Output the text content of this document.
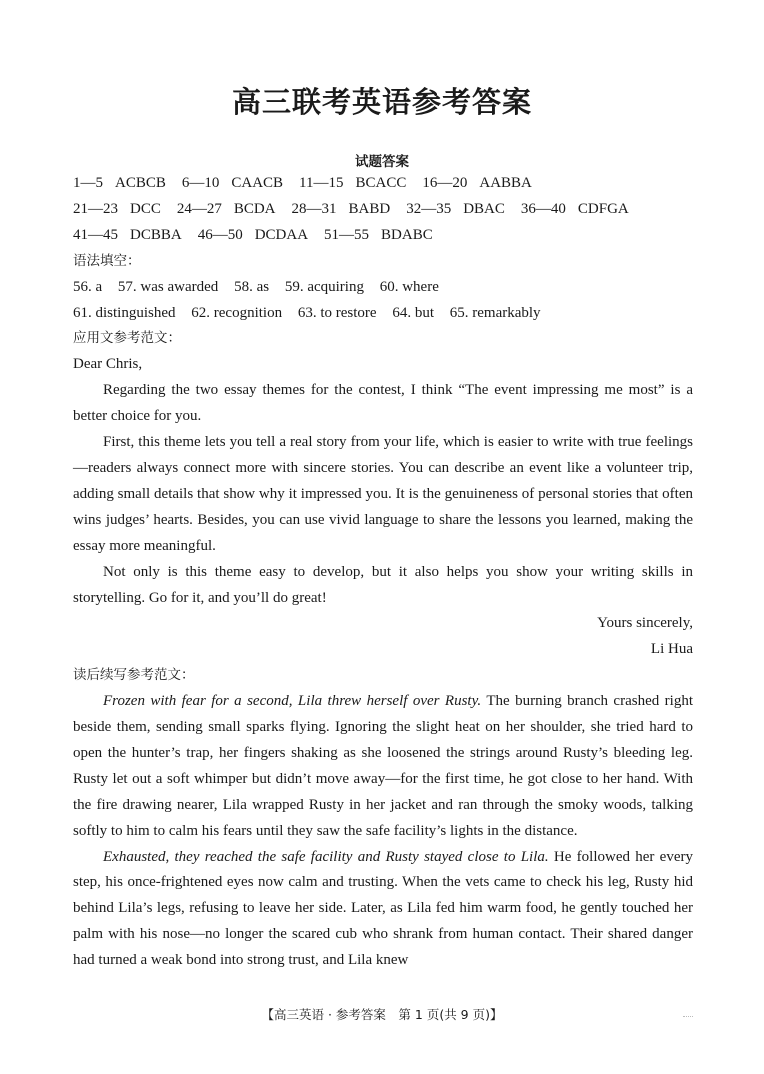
高三联考英语参考答案
试题答案
1—5 ACBCB 6—10 CAACB 11—15 BCACC 16—20 AABBA
21—23 DCC 24—27 BCDA 28—31 BABD 32—35 DBAC 36—40 CDFGA
41—45 DCBBA 46—50 DCDAA 51—55 BDABC
语法填空：
56. a 57. was awarded 58. as 59. acquiring 60. where
61. distinguished 62. recognition 63. to restore 64. but 65. remarkably
应用文参考范文：
Dear Chris,

Regarding the two essay themes for the contest, I think “The event impressing me most” is a better choice for you.

First, this theme lets you tell a real story from your life, which is easier to write with true feelings—readers always connect more with sincere stories. You can describe an event like a volunteer trip, adding small details that show why it impressed you. It is the genuineness of personal stories that often wins judges’ hearts. Besides, you can use vivid language to share the lessons you learned, making the essay more meaningful.

Not only is this theme easy to develop, but it also helps you show your writing skills in storytelling. Go for it, and you’ll do great!

Yours sincerely,
Li Hua
读后续写参考范文：

Frozen with fear for a second, Lila threw herself over Rusty. The burning branch crashed right beside them, sending small sparks flying. Ignoring the slight heat on her shoulder, she tried hard to open the hunter’s trap, her fingers shaking as she loosened the strings around Rusty’s bleeding leg. Rusty let out a soft whimper but didn’t move away—for the first time, he got close to her hand. With the fire drawing nearer, Lila wrapped Rusty in her jacket and ran through the smoky woods, talking softly to him to calm his fears until they saw the safe facility’s lights in the distance.

Exhausted, they reached the safe facility and Rusty stayed close to Lila. He followed her every step, his once-frightened eyes now calm and trusting. When the vets came to check his leg, Rusty hid behind Lila’s legs, refusing to leave her side. Later, as Lila fed him warm food, he gently touched her palm with his nose—no longer the scared cub who shrank from human contact. Their shared danger had turned a weak bond into strong trust, and Lila knew

【高三英语 · 参考答案　第 1 页(共 9 页)】
